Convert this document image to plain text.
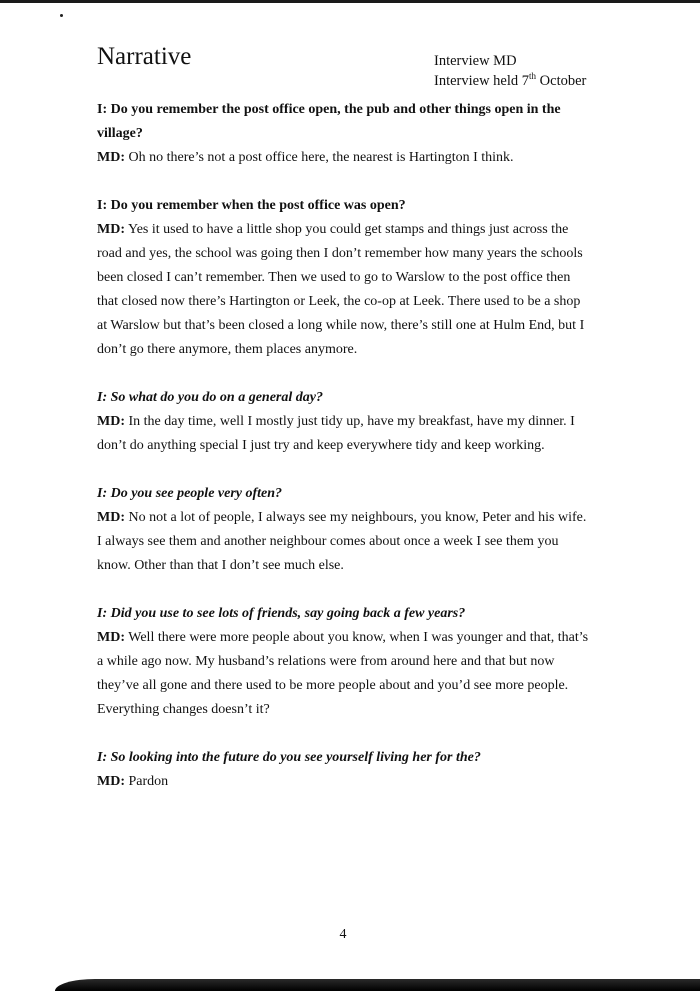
Narrative	Interview MD
Interview held 7th October

I: Do you remember the post office open, the pub and other things open in the village?

MD: Oh no there’s not a post office here, the nearest is Hartington I think.

I: Do you remember when the post office was open?

MD: Yes it used to have a little shop you could get stamps and things just across the road and yes, the school was going then I don’t remember how many years the schools been closed I can’t remember. Then we used to go to Warslow to the post office then that closed now there’s Hartington or Leek, the co-op at Leek. There used to be a shop at Warslow but that’s been closed a long while now, there’s still one at Hulm End, but I don’t go there anymore, them places anymore.

I: So what do you do on a general day?

MD: In the day time, well I mostly just tidy up, have my breakfast, have my dinner. I don’t do anything special I just try and keep everywhere tidy and keep working.

I: Do you see people very often?

MD: No not a lot of people, I always see my neighbours, you know, Peter and his wife. I always see them and another neighbour comes about once a week I see them you know. Other than that I don’t see much else.

I: Did you use to see lots of friends, say going back a few years?

MD: Well there were more people about you know, when I was younger and that, that’s a while ago now. My husband’s relations were from around here and that but now they’ve all gone and there used to be more people about and you’d see more people. Everything changes doesn’t it?

I: So looking into the future do you see yourself living her for the?

MD: Pardon

4
